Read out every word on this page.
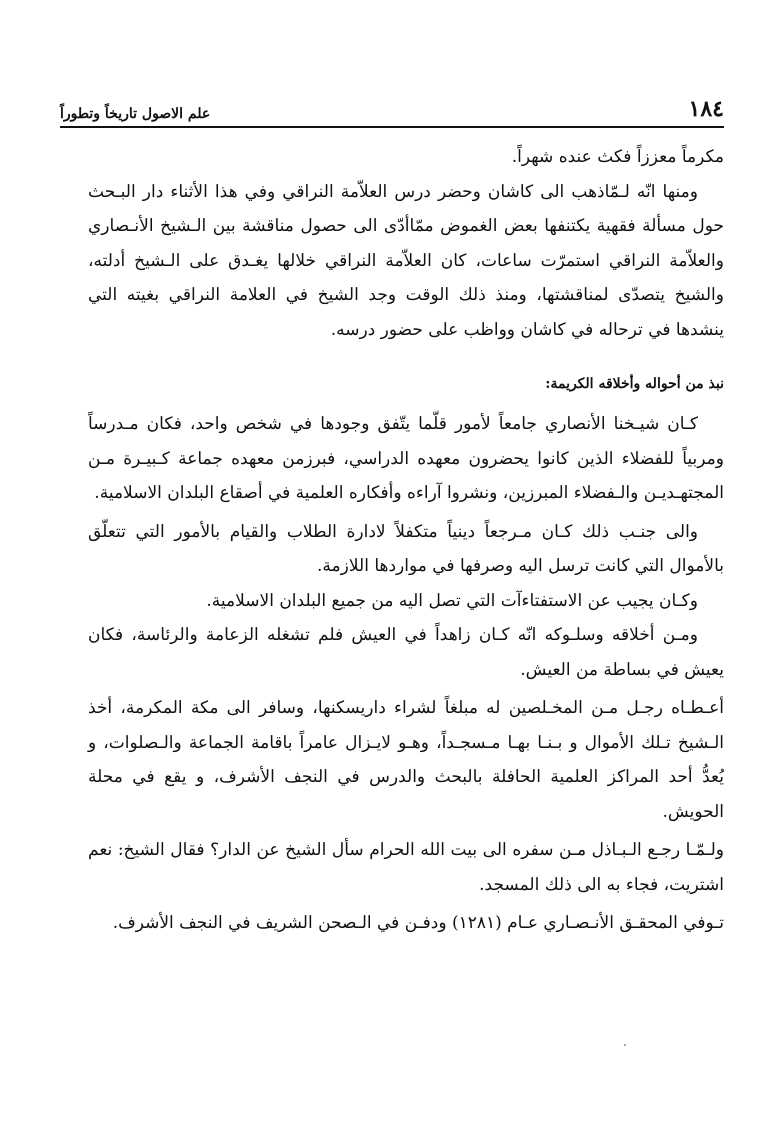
علم الاصول تاريخاً وتطوراً	١٨٤

مكرماً معززاً فكث عنده شهراً.

ومنها انّه لـمّاذهب الى كاشان وحضر درس العلاّمة النراقي وفي هذا الأثناء دار البـحث حول مسألة فقهية يكتنفها بعض الغموض ممّاأدّى الى حصول مناقشة بين الـشيخ الأنـصاري والعلاّمة النراقي استمرّت ساعات، كان العلاّمة النراقي خلالها يغـدق على الـشيخ أدلته، والشيخ يتصدّى لمناقشتها، ومنذ ذلك الوقت وجد الشيخ في العلامة النراقي بغيته التي ينشدها في ترحاله في كاشان وواظب على حضور درسه.

نبذ من أحواله وأخلاقه الكريمة:

كـان شيـخنا الأنصاري جامعاً لأمور قلّما يتّفق وجودها في شخص واحد، فكان مـدرساً ومربياً للفضلاء الذين كانوا يحضرون معهده الدراسي، فبرزمن معهده جماعة كـبيـرة مـن المجتهـديـن والـفضلاء المبرزين، ونشروا آراءه وأفكاره العلمية في أصقاع البلدان الاسلامية.

والى جنـب ذلك كـان مـرجعاً دينياً متكفلاً لادارة الطلاب والقيام بالأمور التي تتعلّق بالأموال التي كانت ترسل اليه وصرفها في مواردها اللازمة.

وكـان يجيب عن الاستفتاءآت التي تصل اليه من جميع البلدان الاسلامية.

ومـن أخلاقه وسلـوكه انّه كـان زاهداً في العيش فلم تشغله الزعامة والرئاسة، فكان يعيش في بساطة من العيش.

أعـطـاه رجـل مـن المخـلصين له مبلغاً لشراء داريسكنها، وسافر الى مكة المكرمة، أخذ الـشيخ تـلك الأموال و بـنـا بهـا مـسجـداً، وهـو لايـزال عامراً باقامة الجماعة والـصلوات، و يُعدُّ أحد المراكز العلمية الحافلة بالبحث والدرس في النجف الأشرف، و يقع في محلة الحويش.

ولـمّـا رجـع الـبـاذل مـن سفره الى بيت الله الحرام سأل الشيخ عن الدار؟ فقال الشيخ: نعم اشتريت، فجاء به الى ذلك المسجد.

تـوفي المحقـق الأنـصـاري عـام (١٢٨١) ودفـن في الـصحن الشريف في النجف الأشرف.
